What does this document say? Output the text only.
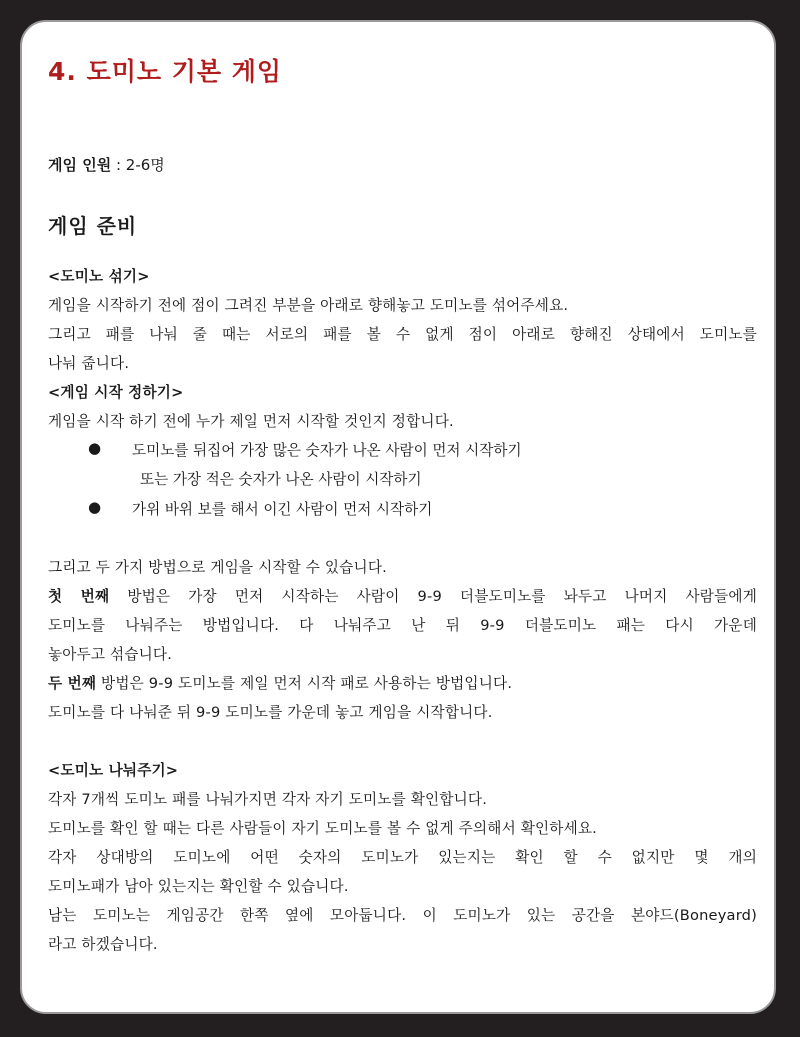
4. 도미노 기본 게임
게임 인원 : 2-6명
게임 준비
<도미노 섞기>
게임을 시작하기 전에 점이 그려진 부분을 아래로 향해놓고 도미노를 섞어주세요.
그리고 패를 나눠 줄 때는 서로의 패를 볼 수 없게 점이 아래로 향해진 상태에서 도미노를
나눠 줍니다.
<게임 시작 정하기>
게임을 시작 하기 전에 누가 제일 먼저 시작할 것인지 정합니다.
● 도미노를 뒤집어 가장 많은 숫자가 나온 사람이 먼저 시작하기
또는 가장 적은 숫자가 나온 사람이 시작하기
● 가위 바위 보를 해서 이긴 사람이 먼저 시작하기
그리고 두 가지 방법으로 게임을 시작할 수 있습니다.
첫 번째 방법은 가장 먼저 시작하는 사람이 9-9 더블도미노를 놔두고 나머지 사람들에게
도미노를 나눠주는 방법입니다. 다 나눠주고 난 뒤 9-9 더블도미노 패는 다시 가운데
놓아두고 섞습니다.
두 번째 방법은 9-9 도미노를 제일 먼저 시작 패로 사용하는 방법입니다.
도미노를 다 나눠준 뒤 9-9 도미노를 가운데 놓고 게임을 시작합니다.
<도미노 나눠주기>
각자 7개씩 도미노 패를 나눠가지면 각자 자기 도미노를 확인합니다.
도미노를 확인 할 때는 다른 사람들이 자기 도미노를 볼 수 없게 주의해서 확인하세요.
각자 상대방의 도미노에 어떤 숫자의 도미노가 있는지는 확인 할 수 없지만 몇 개의
도미노패가 남아 있는지는 확인할 수 있습니다.
남는 도미노는 게임공간 한쪽 옆에 모아둡니다. 이 도미노가 있는 공간을 본야드(Boneyard)
라고 하겠습니다.
